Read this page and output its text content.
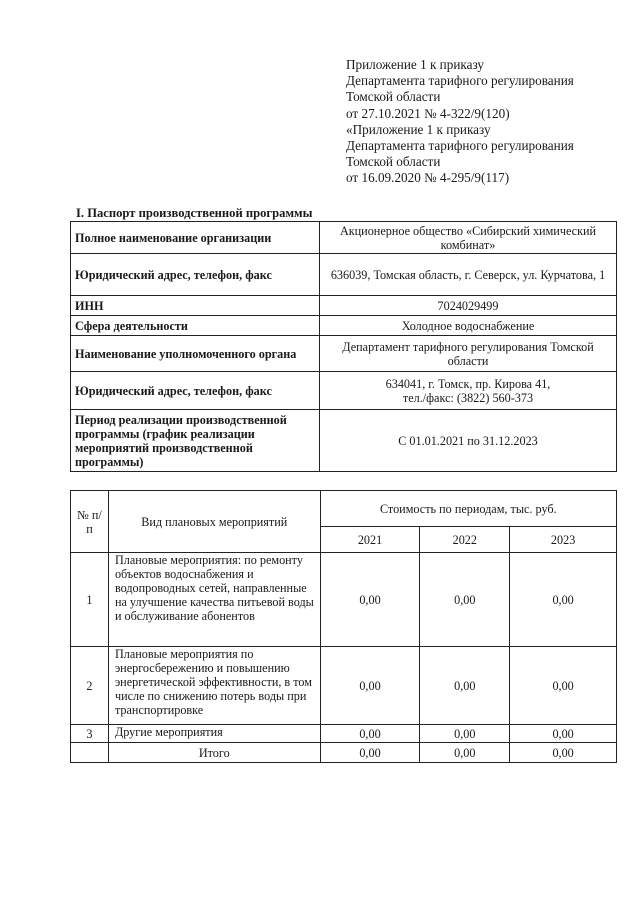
Приложение 1 к приказу
Департамента тарифного регулирования
Томской области
от 27.10.2021 № 4-322/9(120)
«Приложение 1 к приказу
Департамента тарифного регулирования
Томской области
от 16.09.2020 № 4-295/9(117)
I. Паспорт производственной программы
Полное наименование организации	Акционерное общество «Сибирский химический комбинат»
Юридический адрес, телефон, факс	636039, Томская область, г. Северск, ул. Курчатова, 1
ИНН	7024029499
Сфера деятельности	Холодное водоснабжение
Наименование уполномоченного органа	Департамент тарифного регулирования Томской области
Юридический адрес, телефон, факс	634041, г. Томск, пр. Кирова 41,
тел./факс: (3822) 560-373
Период реализации производственной программы (график реализации мероприятий производственной программы)	С 01.01.2021 по 31.12.2023
№ п/п	Вид плановых мероприятий	Стоимость по периодам, тыс. руб.		
		2021	2022	2023
1	Плановые мероприятия: по ремонту объектов водоснабжения и водопроводных сетей, направленные на улучшение качества питьевой воды и обслуживание абонентов	0,00	0,00	0,00
2	Плановые мероприятия по энергосбережению и повышению энергетической эффективности, в том числе по снижению потерь воды при транспортировке	0,00	0,00	0,00
3	Другие мероприятия	0,00	0,00	0,00
	Итого	0,00	0,00	0,00
